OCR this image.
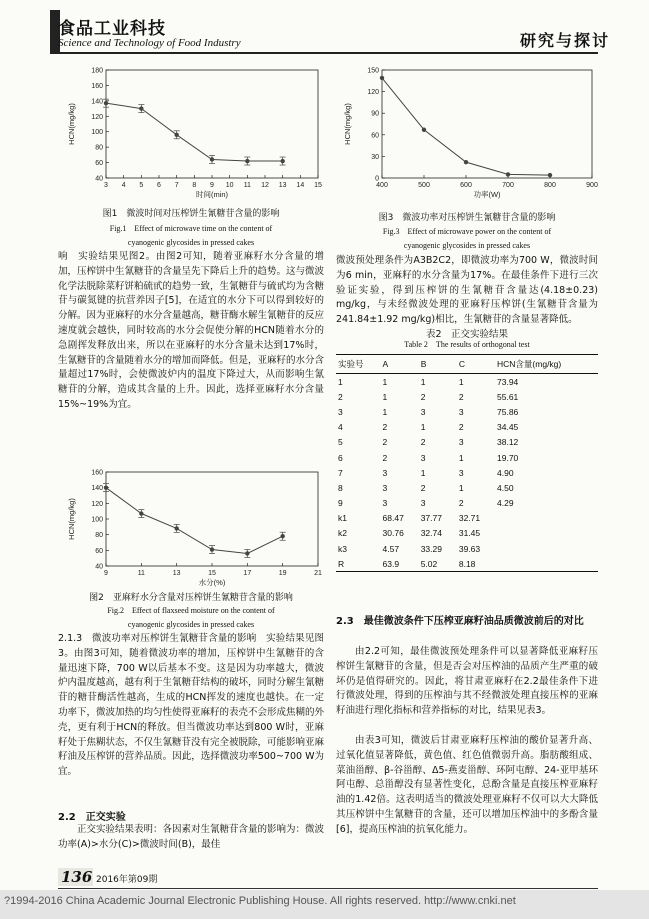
食品工业科技
Science and Technology of Food Industry	研究与探讨
3 4 5 6 7 8 9 10 11 12 13 14 15
40
60
80
100
120
140
160
180
时间(min)
HCN(mg/kg)
图1　微波时间对压榨饼生氰糖苷含量的影响
Fig.1　Effect of microwave time on the content of
cyanogenic glycosides in pressed cakes

响　实验结果见图2。由图2可知，随着亚麻籽水分含量的增加，压榨饼中生氰糖苷的含量呈先下降后上升的趋势。这与微波化学法脱除菜籽饼粕硫甙的趋势一致，生氰糖苷与硫甙均为含糖苷与碳氮键的抗营养因子[5]，在适宜的水分下可以得到较好的分解。因为亚麻籽的水分含量越高，糖苷酶水解生氰糖苷的反应速度就会越快，同时较高的水分会促使分解的HCN随着水分的急剧挥发释放出来，所以在亚麻籽的水分含量未达到17%时，生氰糖苷的含量随着水分的增加而降低。但是，亚麻籽的水分含量超过17%时，会使微波炉内的温度下降过大，从而影响生氰糖苷的分解，造成其含量的上升。因此，选择亚麻籽水分含量15%~19%为宜。

9	11	13	15	17	19	21
40
60
80
100
120
140
160
水分(%)
HCN(mg/kg)
图2　亚麻籽水分含量对压榨饼生氰糖苷含量的影响
Fig.2　Effect of flaxseed moisture on the content of
cyanogenic glycosides in pressed cakes

2.1.3　微波功率对压榨饼生氰糖苷含量的影响　实验结果见图3。由图3可知，随着微波功率的增加，压榨饼中生氰糖苷的含量迅速下降，700 W以后基本不变。这是因为功率越大，微波炉内温度越高，越有利于生氰糖苷结构的破坏，同时分解生氰糖苷的糖苷酶活性越高，生成的HCN挥发的速度也越快。在一定功率下，微波加热的均匀性使得亚麻籽的表壳不会形成焦糊的外壳，更有利于HCN的释放。但当微波功率达到800 W时，亚麻籽处于焦糊状态，不仅生氰糖苷没有完全被脱除，可能影响亚麻籽油及压榨饼的营养品质。因此，选择微波功率500~700 W为宜。

2.2　正交实验

正交实验结果表明：各因素对生氰糖苷含量的影响为：微波功率(A)>水分(C)>微波时间(B)，最佳

400	500	600	700	800	900
0
30
60
90
120
150
功率(W)
HCN(mg/kg)
图3　微波功率对压榨饼生氰糖苷含量的影响
Fig.3　Effect of microwave power on the content of
cyanogenic glycosides in pressed cakes

微波预处理条件为A3B2C2，即微波功率为700 W，微波时间为6 min，亚麻籽的水分含量为17%。在最佳条件下进行三次验证实验，得到压榨饼的生氰糖苷含量达(4.18±0.23) mg/kg，与未经微波处理的亚麻籽压榨饼(生氰糖苷含量为241.84±1.92 mg/kg)相比，生氰糖苷的含量显著降低。

表2　正交实验结果
Table 2　The results of orthogonal test
实验号	A	B	C	HCN含量(mg/kg)
1	1	1	1	73.94
2	1	2	2	55.61
3	1	3	3	75.86
4	2	1	2	34.45
5	2	2	3	38.12
6	2	3	1	19.70
7	3	1	3	4.90
8	3	2	1	4.50
9	3	3	2	4.29
k1	68.47	37.77	32.71	
k2	30.76	32.74	31.45	
k3	4.57	33.29	39.63	
R	63.9	5.02	8.18	
2.3　最佳微波条件下压榨亚麻籽油品质微波前后的对比

由2.2可知，最佳微波预处理条件可以显著降低亚麻籽压榨饼生氰糖苷的含量，但是否会对压榨油的品质产生严重的破坏仍是值得研究的。因此，将甘肃亚麻籽在2.2最佳条件下进行微波处理，得到的压榨油与其不经微波处理直接压榨的亚麻籽油进行理化指标和营养指标的对比，结果见表3。

由表3可知，微波后甘肃亚麻籽压榨油的酸价显著升高、过氧化值显著降低，黄色值、红色值微弱升高。脂肪酸组成、菜油甾醇、β-谷甾醇、Δ5-燕麦甾醇、环阿屯醇、24-亚甲基环阿屯醇、总甾醇没有显著性变化，总酚含量是直接压榨亚麻籽油的1.42倍。这表明适当的微波处理亚麻籽不仅可以大大降低其压榨饼中生氰糖苷的含量，还可以增加压榨油中的多酚含量[6]，提高压榨油的抗氧化能力。

136 2016年第09期
?1994-2016 China Academic Journal Electronic Publishing House. All rights reserved. http://www.cnki.net
